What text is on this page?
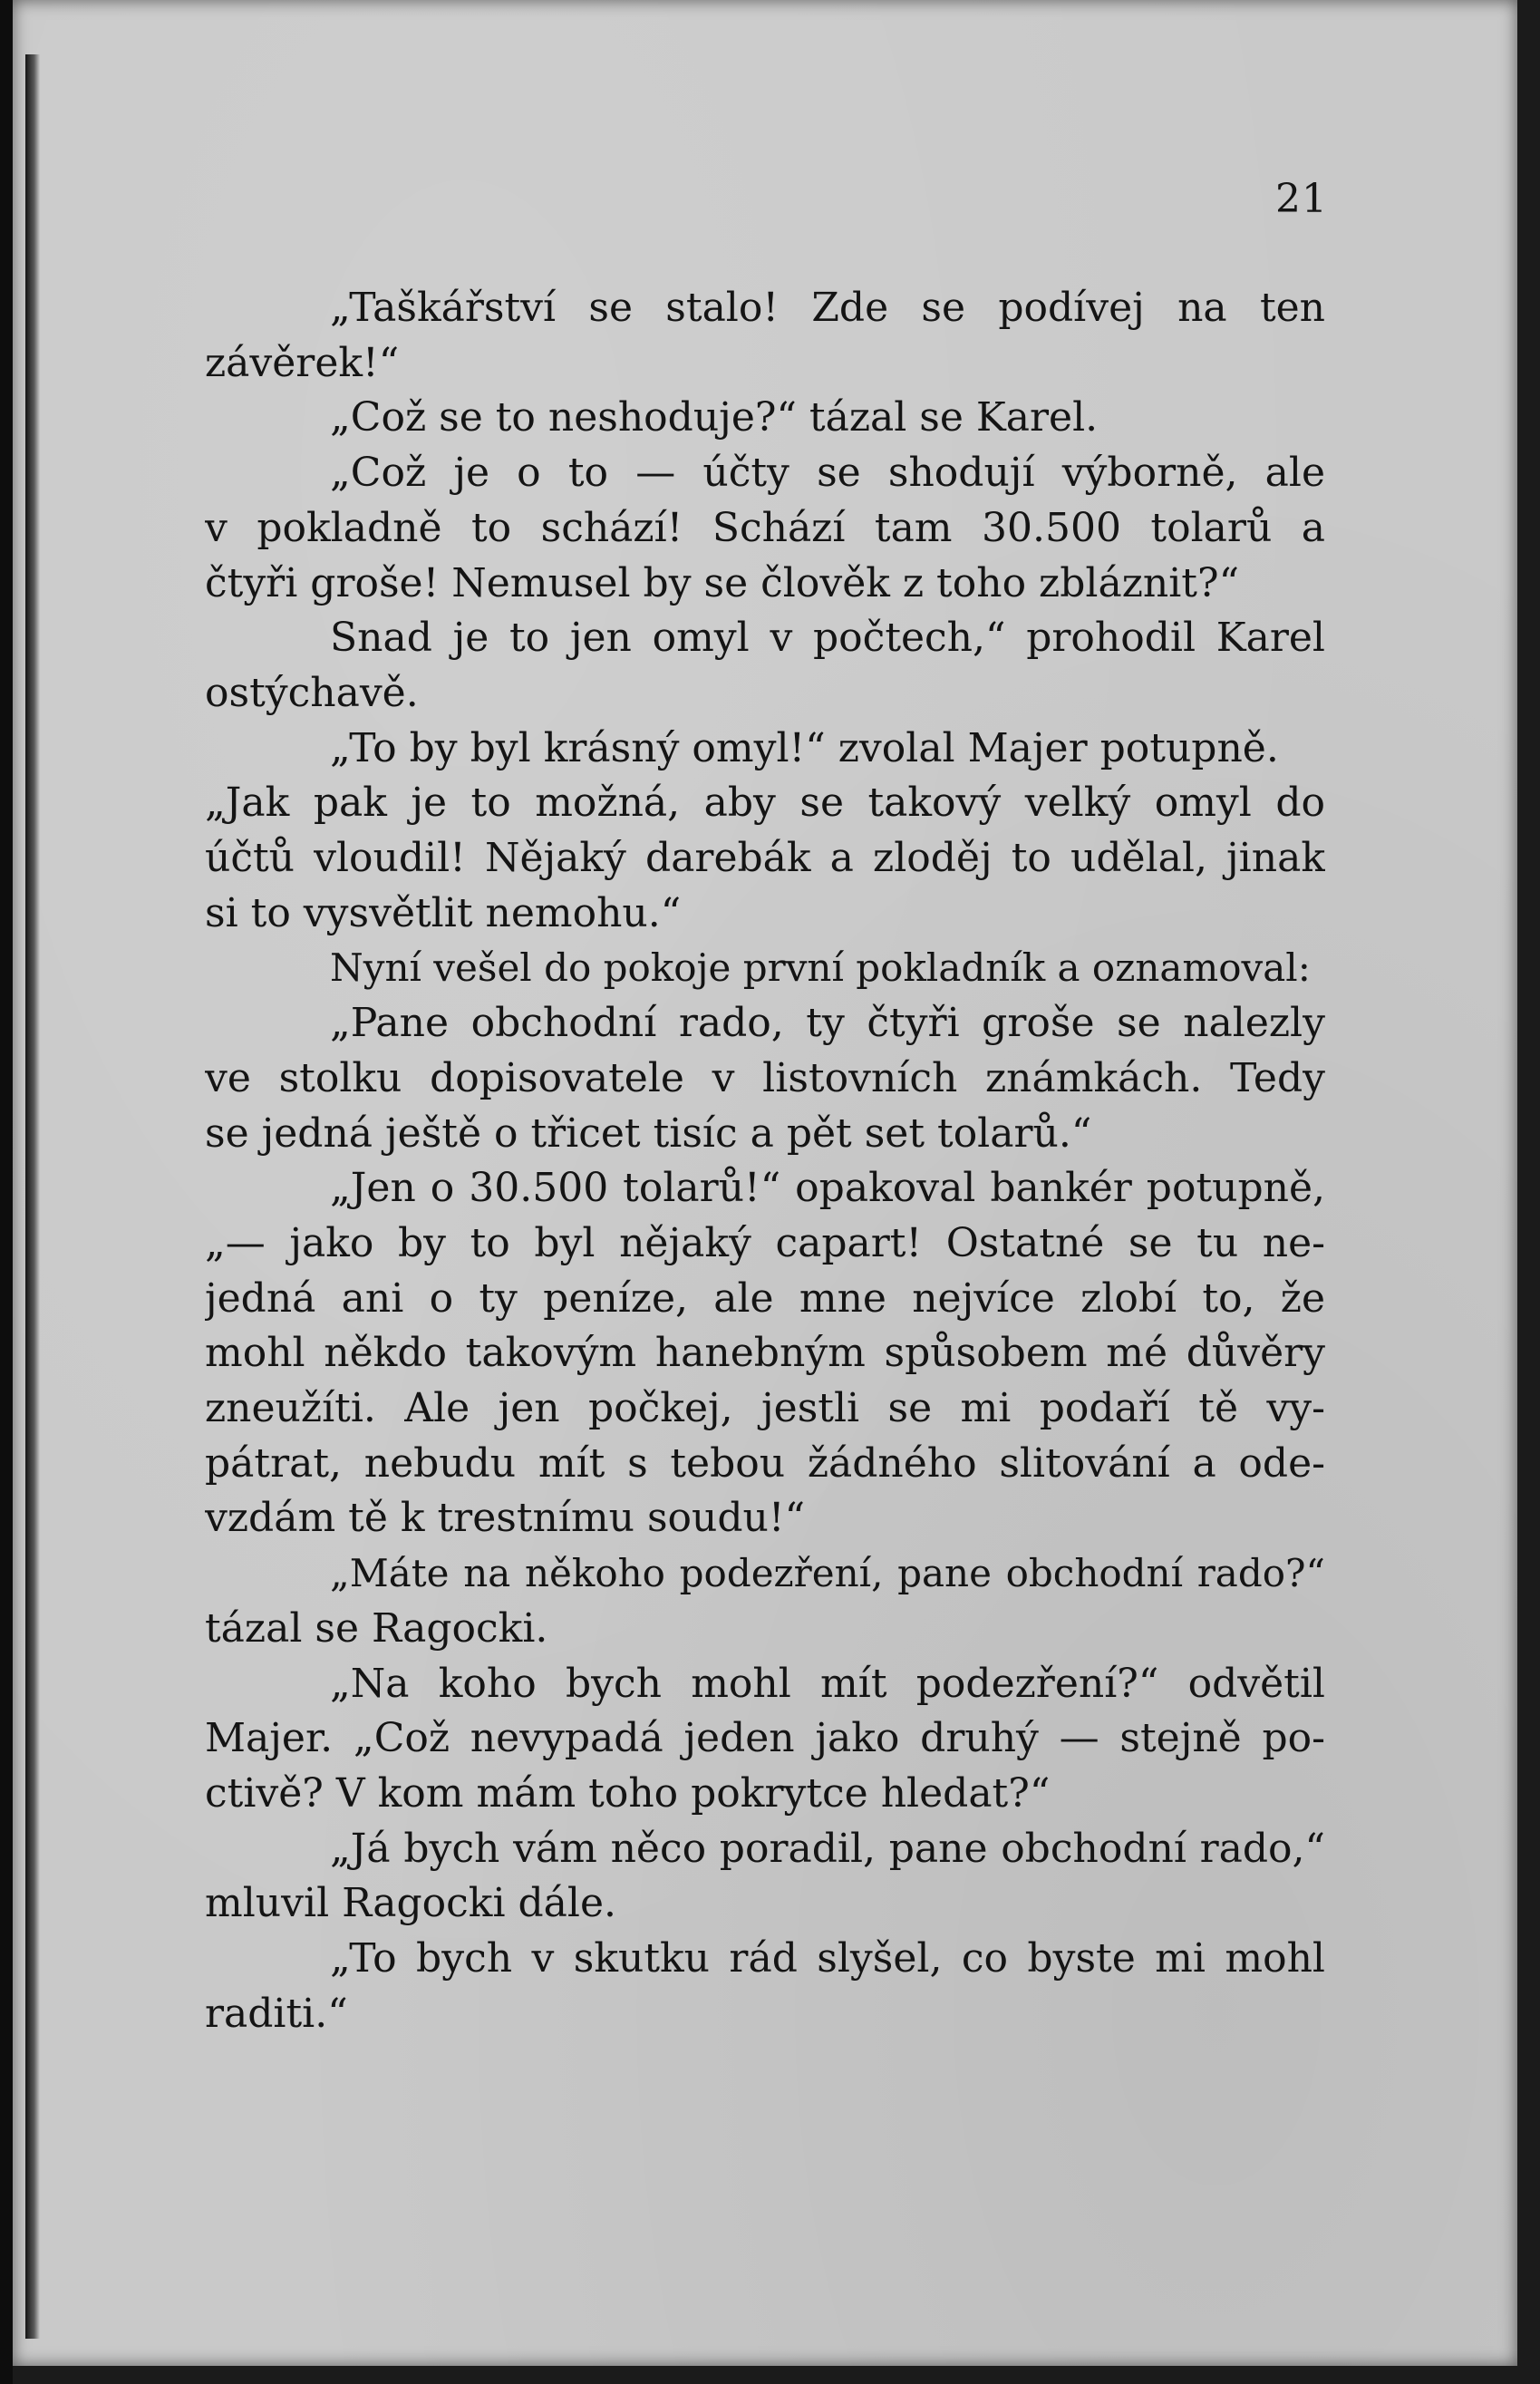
21
„Taškářství se stalo! Zde se podívej na ten
závěrek!“
„Což se to neshoduje?“ tázal se Karel.
„Což je o to — účty se shodují výborně, ale
v pokladně to schází! Schází tam 30.500 tolarů a
čtyři groše! Nemusel by se člověk z toho zbláznit?“
Snad je to jen omyl v počtech,“ prohodil Karel
ostýchavě.
„To by byl krásný omyl!“ zvolal Majer potupně.
„Jak pak je to možná, aby se takový velký omyl do
účtů vloudil! Nějaký darebák a zloděj to udělal, jinak
si to vysvětlit nemohu.“
Nyní vešel do pokoje první pokladník a oznamoval:
„Pane obchodní rado, ty čtyři groše se nalezly
ve stolku dopisovatele v listovních známkách. Tedy
se jedná ještě o třicet tisíc a pět set tolarů.“
„Jen o 30.500 tolarů!“ opakoval bankér potupně,
„— jako by to byl nějaký capart! Ostatné se tu ne-
jedná ani o ty peníze, ale mne nejvíce zlobí to, že
mohl někdo takovým hanebným spůsobem mé důvěry
zneužíti. Ale jen počkej, jestli se mi podaří tě vy-
pátrat, nebudu mít s tebou žádného slitování a ode-
vzdám tě k trestnímu soudu!“
„Máte na někoho podezření, pane obchodní rado?“
tázal se Ragocki.
„Na koho bych mohl mít podezření?“ odvětil
Majer. „Což nevypadá jeden jako druhý — stejně po-
ctivě? V kom mám toho pokrytce hledat?“
„Já bych vám něco poradil, pane obchodní rado,“
mluvil Ragocki dále.
„To bych v skutku rád slyšel, co byste mi mohl
raditi.“
